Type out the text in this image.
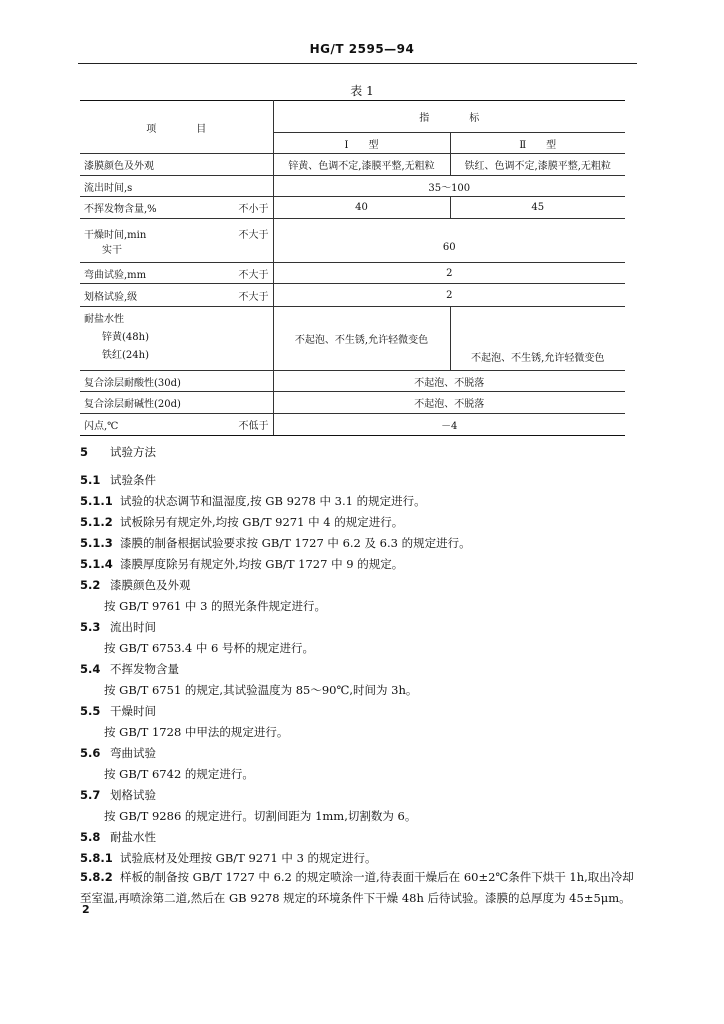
HG/T 2595—94
表 1
项　　　　目	指　　　　标	
	Ⅰ　　型	Ⅱ　　型
漆膜颜色及外观	锌黄、色调不定,漆膜平整,无粗粒	铁红、色调不定,漆膜平整,无粗粒
流出时间,s	35～100	

不挥发物含量,% 不小于	40	45

干燥时间,min 不大于
实干	60	

弯曲试验,mm 不大于	2	

划格试验,级 不大于	2	

耐盐水性
锌黄(48h)
铁红(24h)	不起泡、不生锈,允许轻微变色	不起泡、不生锈,允许轻微变色
复合涂层耐酸性(30d)	不起泡、不脱落	
复合涂层耐碱性(20d)	不起泡、不脱落	

闪点,℃ 不低于	－4	
5 试验方法
5.1 试验条件
5.1.1 试验的状态调节和温湿度,按 GB 9278 中 3.1 的规定进行。
5.1.2 试板除另有规定外,均按 GB/T 9271 中 4 的规定进行。
5.1.3 漆膜的制备根据试验要求按 GB/T 1727 中 6.2 及 6.3 的规定进行。
5.1.4 漆膜厚度除另有规定外,均按 GB/T 1727 中 9 的规定。
5.2 漆膜颜色及外观
按 GB/T 9761 中 3 的照光条件规定进行。
5.3 流出时间
按 GB/T 6753.4 中 6 号杯的规定进行。
5.4 不挥发物含量
按 GB/T 6751 的规定,其试验温度为 85～90℃,时间为 3h。
5.5 干燥时间
按 GB/T 1728 中甲法的规定进行。
5.6 弯曲试验
按 GB/T 6742 的规定进行。
5.7 划格试验
按 GB/T 9286 的规定进行。切割间距为 1mm,切割数为 6。
5.8 耐盐水性
5.8.1 试验底材及处理按 GB/T 9271 中 3 的规定进行。
5.8.2 样板的制备按 GB/T 1727 中 6.2 的规定喷涂一道,待表面干燥后在 60±2℃条件下烘干 1h,取出冷却至室温,再喷涂第二道,然后在 GB 9278 规定的环境条件下干燥 48h 后待试验。漆膜的总厚度为 45±5μm。
2
